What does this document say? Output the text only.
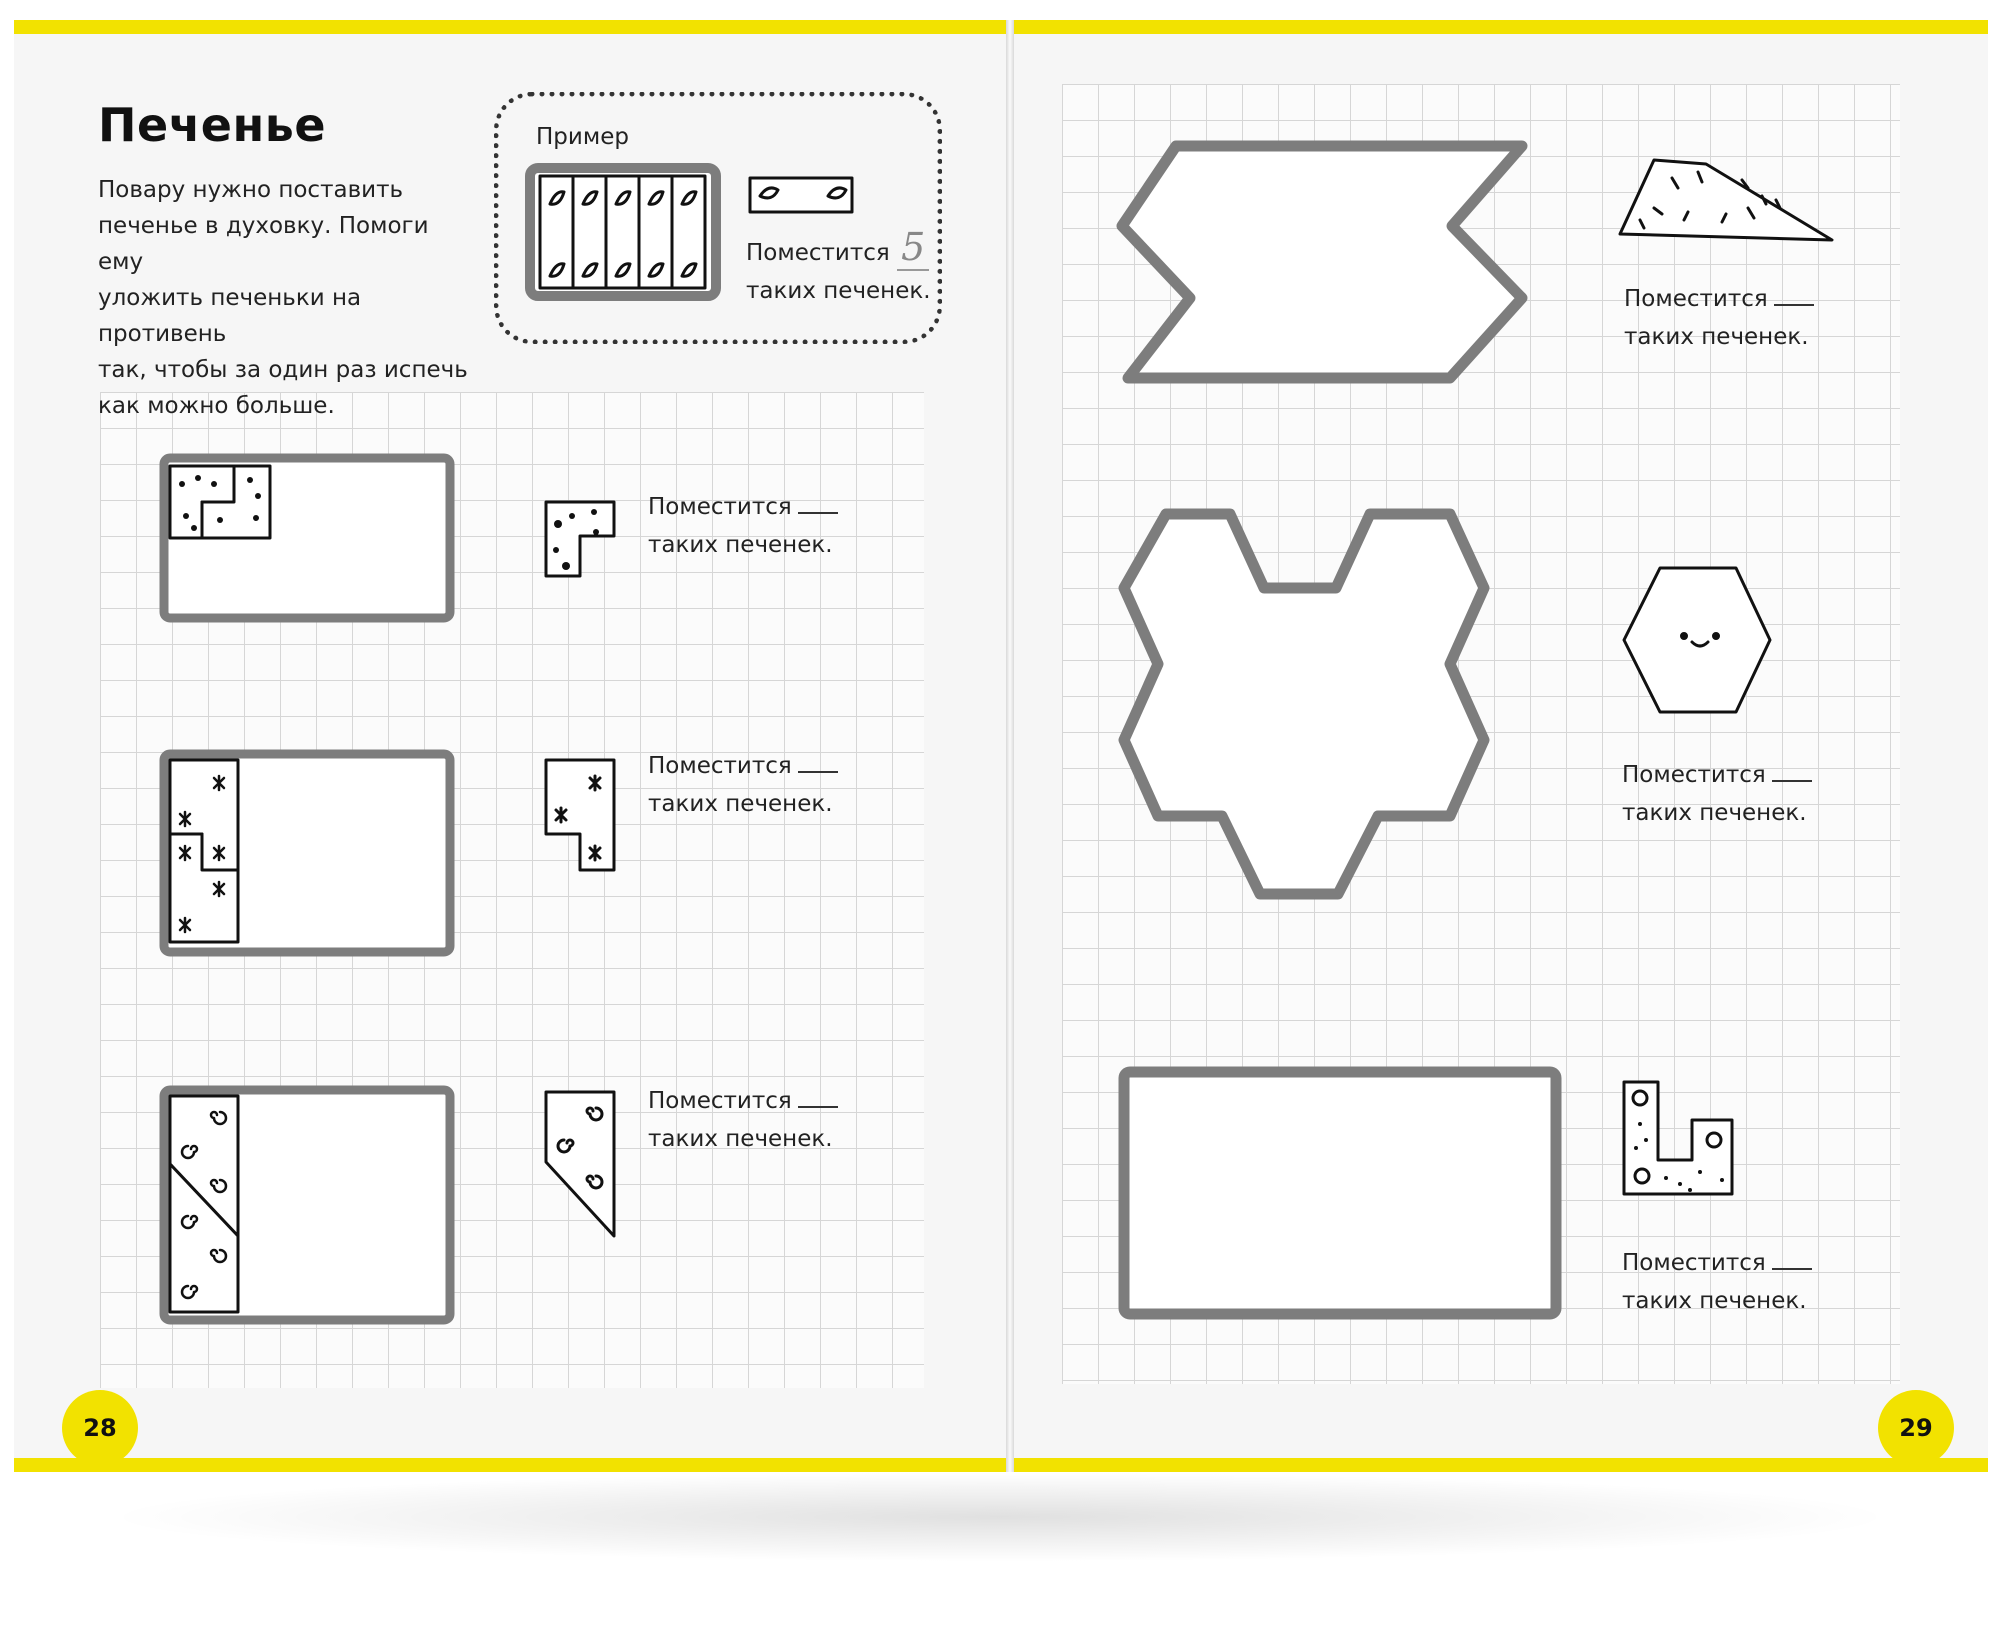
Печенье
Повару нужно поставить
печенье в духовку. Помоги ему
уложить печеньки на противень
так, чтобы за один раз испечь
как можно больше.
Пример
Поместится 5
таких печенек.
Поместится
таких печенек.
Поместится
таких печенек.
Поместится
таких печенек.
Поместится
таких печенек.
Поместится
таких печенек.
Поместится
таких печенек.
28	29
